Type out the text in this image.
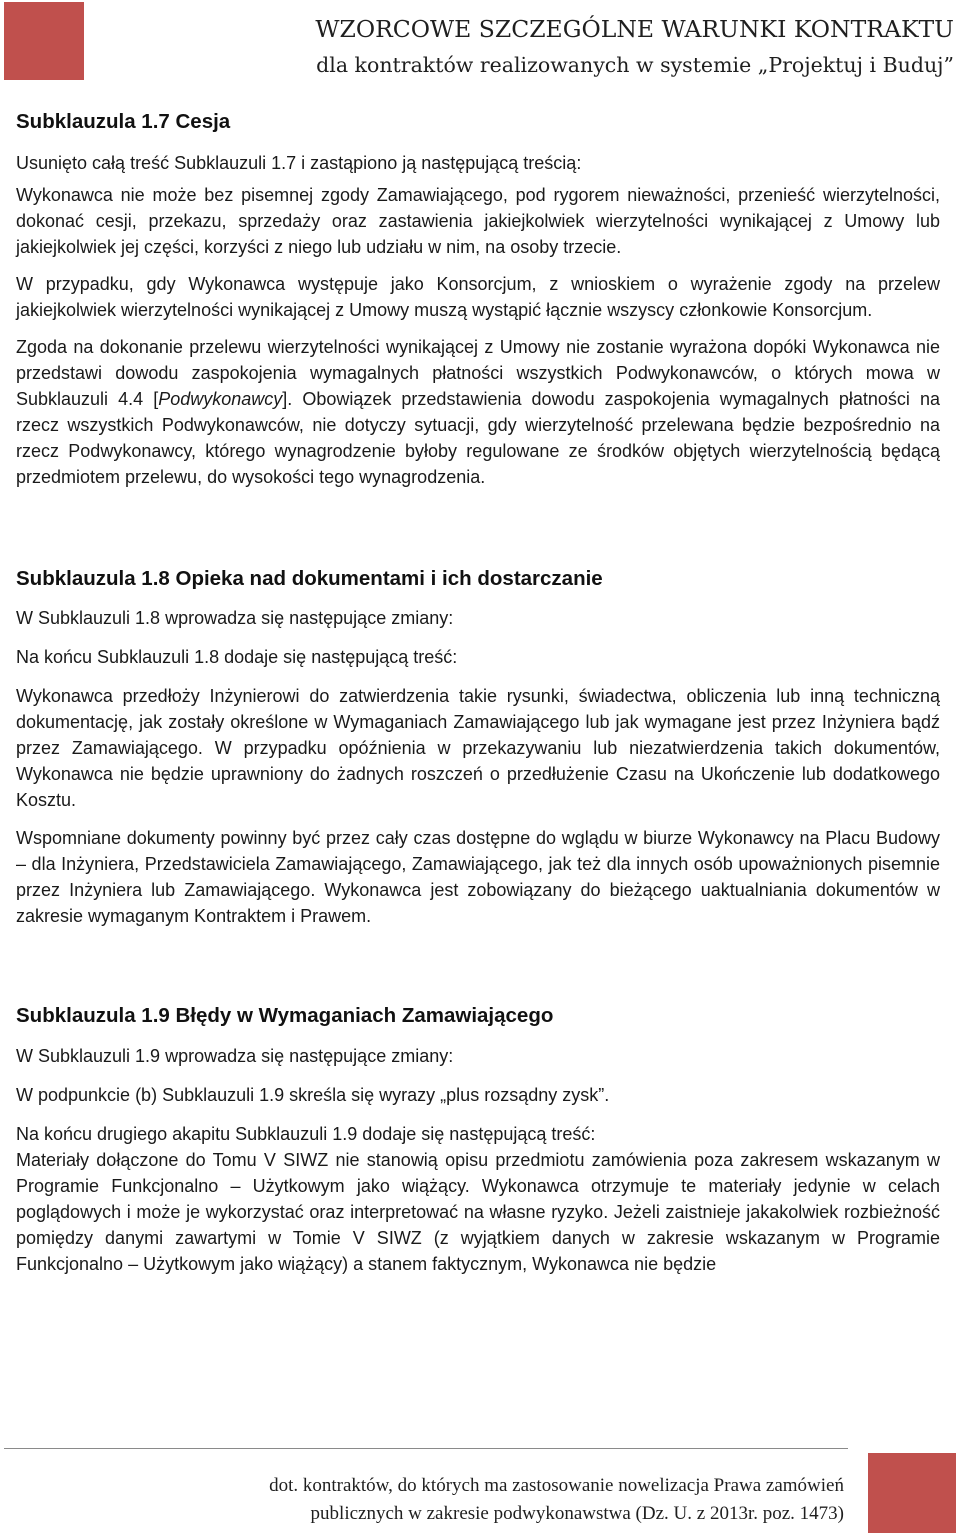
WZORCOWE SZCZEGÓLNE WARUNKI KONTRAKTU
dla kontraktów realizowanych w systemie „Projektuj i Buduj”

Subklauzula 1.7 Cesja

Usunięto całą treść Subklauzuli 1.7 i zastąpiono ją następującą treścią:

Wykonawca nie może bez pisemnej zgody Zamawiającego, pod rygorem nieważności, przenieść wierzytelności, dokonać cesji, przekazu, sprzedaży oraz zastawienia jakiejkolwiek wierzytelności wynikającej z Umowy lub jakiejkolwiek jej części, korzyści z niego lub udziału w nim, na osoby trzecie.

W przypadku, gdy Wykonawca występuje jako Konsorcjum, z wnioskiem o wyrażenie zgody na przelew jakiejkolwiek wierzytelności wynikającej z Umowy muszą wystąpić łącznie wszyscy członkowie Konsorcjum.

Zgoda na dokonanie przelewu wierzytelności wynikającej z Umowy nie zostanie wyrażona dopóki Wykonawca nie przedstawi dowodu zaspokojenia wymagalnych płatności wszystkich Podwykonawców, o których mowa w Subklauzuli 4.4 [Podwykonawcy]. Obowiązek przedstawienia dowodu zaspokojenia wymagalnych płatności na rzecz wszystkich Podwykonawców, nie dotyczy sytuacji, gdy wierzytelność przelewana będzie bezpośrednio na rzecz Podwykonawcy, którego wynagrodzenie byłoby regulowane ze środków objętych wierzytelnością będącą przedmiotem przelewu, do wysokości tego wynagrodzenia.

Subklauzula 1.8 Opieka nad dokumentami i ich dostarczanie

W Subklauzuli 1.8 wprowadza się następujące zmiany:

Na końcu Subklauzuli 1.8 dodaje się następującą treść:

Wykonawca przedłoży Inżynierowi do zatwierdzenia takie rysunki, świadectwa, obliczenia lub inną techniczną dokumentację, jak zostały określone w Wymaganiach Zamawiającego lub jak wymagane jest przez Inżyniera bądź przez Zamawiającego. W przypadku opóźnienia w przekazywaniu lub niezatwierdzenia takich dokumentów, Wykonawca nie będzie uprawniony do żadnych roszczeń o przedłużenie Czasu na Ukończenie lub dodatkowego Kosztu.

Wspomniane dokumenty powinny być przez cały czas dostępne do wglądu w biurze Wykonawcy na Placu Budowy – dla Inżyniera, Przedstawiciela Zamawiającego, Zamawiającego, jak też dla innych osób upoważnionych pisemnie przez Inżyniera lub Zamawiającego. Wykonawca jest zobowiązany do bieżącego uaktualniania dokumentów w zakresie wymaganym Kontraktem i Prawem.

Subklauzula 1.9 Błędy w Wymaganiach Zamawiającego

W Subklauzuli 1.9 wprowadza się następujące zmiany:

W podpunkcie (b) Subklauzuli 1.9 skreśla się wyrazy „plus rozsądny zysk”.

Na końcu drugiego akapitu Subklauzuli 1.9 dodaje się następującą treść:

Materiały dołączone do Tomu V SIWZ nie stanowią opisu przedmiotu zamówienia poza zakresem wskazanym w Programie Funkcjonalno – Użytkowym jako wiążący. Wykonawca otrzymuje te materiały jedynie w celach poglądowych i może je wykorzystać oraz interpretować na własne ryzyko. Jeżeli zaistnieje jakakolwiek rozbieżność pomiędzy danymi zawartymi w Tomie V SIWZ (z wyjątkiem danych w zakresie wskazanym w Programie Funkcjonalno – Użytkowym jako wiążący) a stanem faktycznym, Wykonawca nie będzie

dot. kontraktów, do których ma zastosowanie nowelizacja Prawa zamówień
publicznych w zakresie podwykonawstwa (Dz. U. z 2013r. poz. 1473)
